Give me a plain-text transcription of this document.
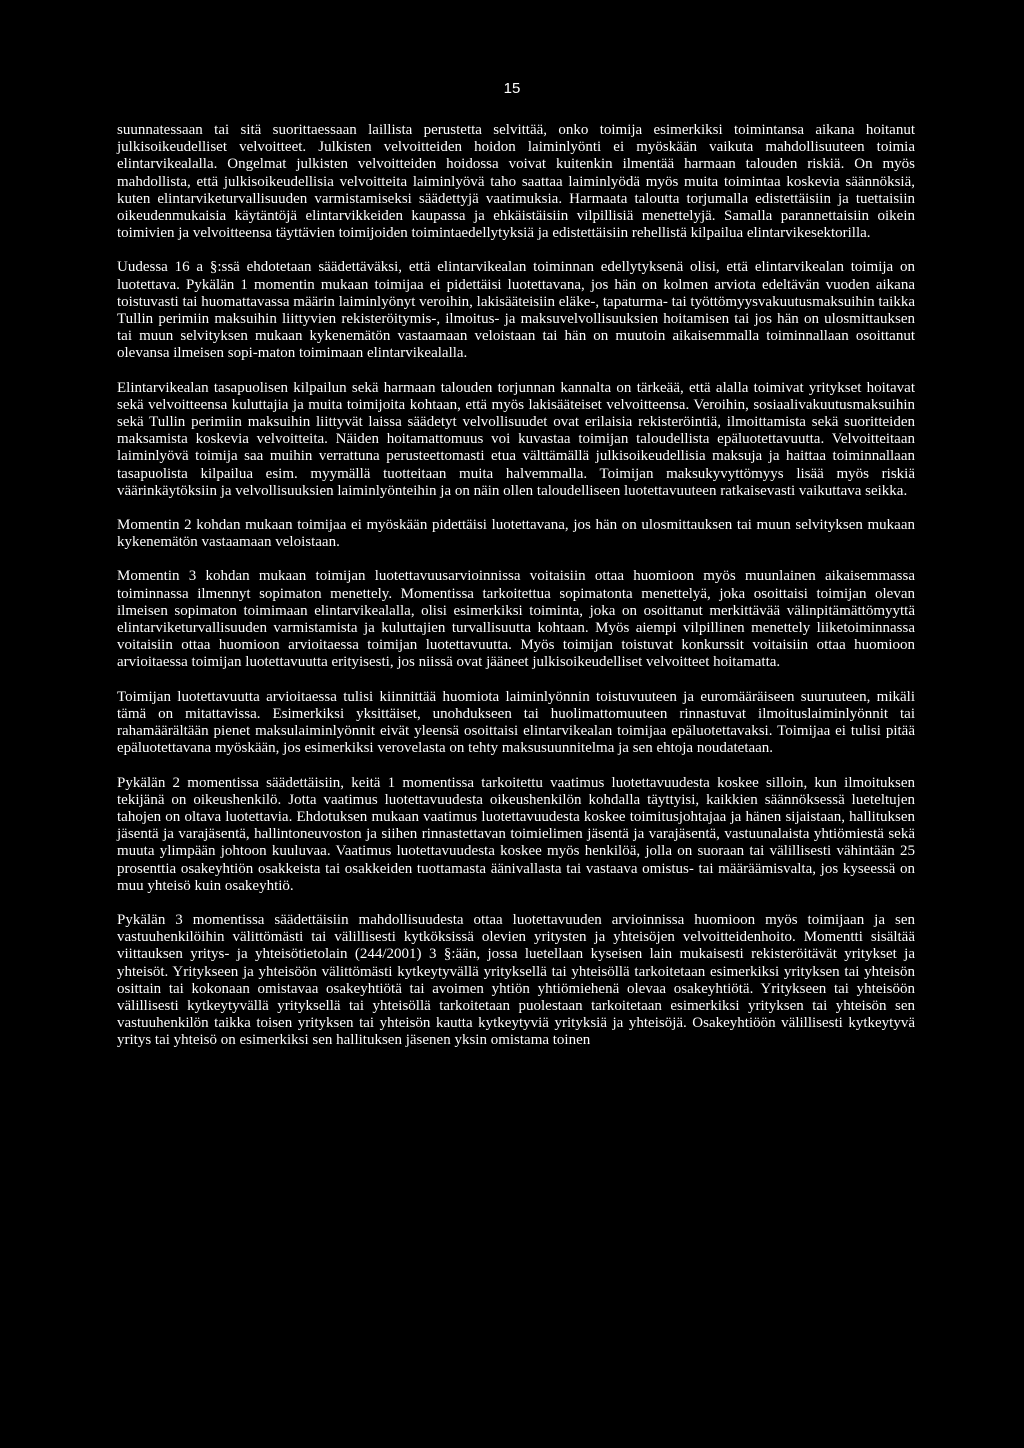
15

suunnatessaan tai sitä suorittaessaan laillista perustetta selvittää, onko toimija esimerkiksi toimintansa aikana hoitanut julkisoikeudelliset velvoitteet. Julkisten velvoitteiden hoidon laiminlyönti ei myöskään vaikuta mahdollisuuteen toimia elintarvikealalla. Ongelmat julkisten velvoitteiden hoidossa voivat kuitenkin ilmentää harmaan talouden riskiä. On myös mahdollista, että julkisoikeudellisia velvoitteita laiminlyövä taho saattaa laiminlyödä myös muita toimintaa koskevia säännöksiä, kuten elintarviketurvallisuuden varmistamiseksi säädettyjä vaatimuksia. Harmaata taloutta torjumalla edistettäisiin ja tuettaisiin oikeudenmukaisia käytäntöjä elintarvikkeiden kaupassa ja ehkäistäisiin vilpillisiä menettelyjä. Samalla parannettaisiin oikein toimivien ja velvoitteensa täyttävien toimijoiden toimintaedellytyksiä ja edistettäisiin rehellistä kilpailua elintarvikesektorilla.

Uudessa 16 a §:ssä ehdotetaan säädettäväksi, että elintarvikealan toiminnan edellytyksenä olisi, että elintarvikealan toimija on luotettava. Pykälän 1 momentin mukaan toimijaa ei pidettäisi luotettavana, jos hän on kolmen arviota edeltävän vuoden aikana toistuvasti tai huomattavassa määrin laiminlyönyt veroihin, lakisääteisiin eläke-, tapaturma- tai työttömyysvakuutusmaksuihin taikka Tullin perimiin maksuihin liittyvien rekisteröitymis-, ilmoitus- ja maksuvelvollisuuksien hoitamisen tai jos hän on ulosmittauksen tai muun selvityksen mukaan kykenemätön vastaamaan veloistaan tai hän on muutoin aikaisemmalla toiminnallaan osoittanut olevansa ilmeisen sopi-maton toimimaan elintarvikealalla.

Elintarvikealan tasapuolisen kilpailun sekä harmaan talouden torjunnan kannalta on tärkeää, että alalla toimivat yritykset hoitavat sekä velvoitteensa kuluttajia ja muita toimijoita kohtaan, että myös lakisääteiset velvoitteensa. Veroihin, sosiaalivakuutusmaksuihin sekä Tullin perimiin maksuihin liittyvät laissa säädetyt velvollisuudet ovat erilaisia rekisteröintiä, ilmoittamista sekä suoritteiden maksamista koskevia velvoitteita. Näiden hoitamattomuus voi kuvastaa toimijan taloudellista epäluotettavuutta. Velvoitteitaan laiminlyövä toimija saa muihin verrattuna perusteettomasti etua välttämällä julkisoikeudellisia maksuja ja haittaa toiminnallaan tasapuolista kilpailua esim. myymällä tuotteitaan muita halvemmalla. Toimijan maksukyvyttömyys lisää myös riskiä väärinkäytöksiin ja velvollisuuksien laiminlyönteihin ja on näin ollen taloudelliseen luotettavuuteen ratkaisevasti vaikuttava seikka.

Momentin 2 kohdan mukaan toimijaa ei myöskään pidettäisi luotettavana, jos hän on ulosmittauksen tai muun selvityksen mukaan kykenemätön vastaamaan veloistaan.

Momentin 3 kohdan mukaan toimijan luotettavuusarvioinnissa voitaisiin ottaa huomioon myös muunlainen aikaisemmassa toiminnassa ilmennyt sopimaton menettely. Momentissa tarkoitettua sopimatonta menettelyä, joka osoittaisi toimijan olevan ilmeisen sopimaton toimimaan elintarvikealalla, olisi esimerkiksi toiminta, joka on osoittanut merkittävää välinpitämättömyyttä elintarviketurvallisuuden varmistamista ja kuluttajien turvallisuutta kohtaan. Myös aiempi vilpillinen menettely liiketoiminnassa voitaisiin ottaa huomioon arvioitaessa toimijan luotettavuutta. Myös toimijan toistuvat konkurssit voitaisiin ottaa huomioon arvioitaessa toimijan luotettavuutta erityisesti, jos niissä ovat jääneet julkisoikeudelliset velvoitteet hoitamatta.

Toimijan luotettavuutta arvioitaessa tulisi kiinnittää huomiota laiminlyönnin toistuvuuteen ja euromääräiseen suuruuteen, mikäli tämä on mitattavissa. Esimerkiksi yksittäiset, unohdukseen tai huolimattomuuteen rinnastuvat ilmoituslaiminlyönnit tai rahamäärältään pienet maksulaiminlyönnit eivät yleensä osoittaisi elintarvikealan toimijaa epäluotettavaksi. Toimijaa ei tulisi pitää epäluotettavana myöskään, jos esimerkiksi verovelasta on tehty maksusuunnitelma ja sen ehtoja noudatetaan.

Pykälän 2 momentissa säädettäisiin, keitä 1 momentissa tarkoitettu vaatimus luotettavuudesta koskee silloin, kun ilmoituksen tekijänä on oikeushenkilö. Jotta vaatimus luotettavuudesta oikeushenkilön kohdalla täyttyisi, kaikkien säännöksessä lueteltujen tahojen on oltava luotettavia. Ehdotuksen mukaan vaatimus luotettavuudesta koskee toimitusjohtajaa ja hänen sijaistaan, hallituksen jäsentä ja varajäsentä, hallintoneuvoston ja siihen rinnastettavan toimielimen jäsentä ja varajäsentä, vastuunalaista yhtiömiestä sekä muuta ylimpään johtoon kuuluvaa. Vaatimus luotettavuudesta koskee myös henkilöä, jolla on suoraan tai välillisesti vähintään 25 prosenttia osakeyhtiön osakkeista tai osakkeiden tuottamasta äänivallasta tai vastaava omistus- tai määräämisvalta, jos kyseessä on muu yhteisö kuin osakeyhtiö.

Pykälän 3 momentissa säädettäisiin mahdollisuudesta ottaa luotettavuuden arvioinnissa huomioon myös toimijaan ja sen vastuuhenkilöihin välittömästi tai välillisesti kytköksissä olevien yritysten ja yhteisöjen velvoitteidenhoito. Momentti sisältää viittauksen yritys- ja yhteisötietolain (244/2001) 3 §:ään, jossa luetellaan kyseisen lain mukaisesti rekisteröitävät yritykset ja yhteisöt. Yritykseen ja yhteisöön välittömästi kytkeytyvällä yrityksellä tai yhteisöllä tarkoitetaan esimerkiksi yrityksen tai yhteisön osittain tai kokonaan omistavaa osakeyhtiötä tai avoimen yhtiön yhtiömiehenä olevaa osakeyhtiötä. Yritykseen tai yhteisöön välillisesti kytkeytyvällä yrityksellä tai yhteisöllä tarkoitetaan puolestaan tarkoitetaan esimerkiksi yrityksen tai yhteisön sen vastuuhenkilön taikka toisen yrityksen tai yhteisön kautta kytkeytyviä yrityksiä ja yhteisöjä. Osakeyhtiöön välillisesti kytkeytyvä yritys tai yhteisö on esimerkiksi sen hallituksen jäsenen yksin omistama toinen
